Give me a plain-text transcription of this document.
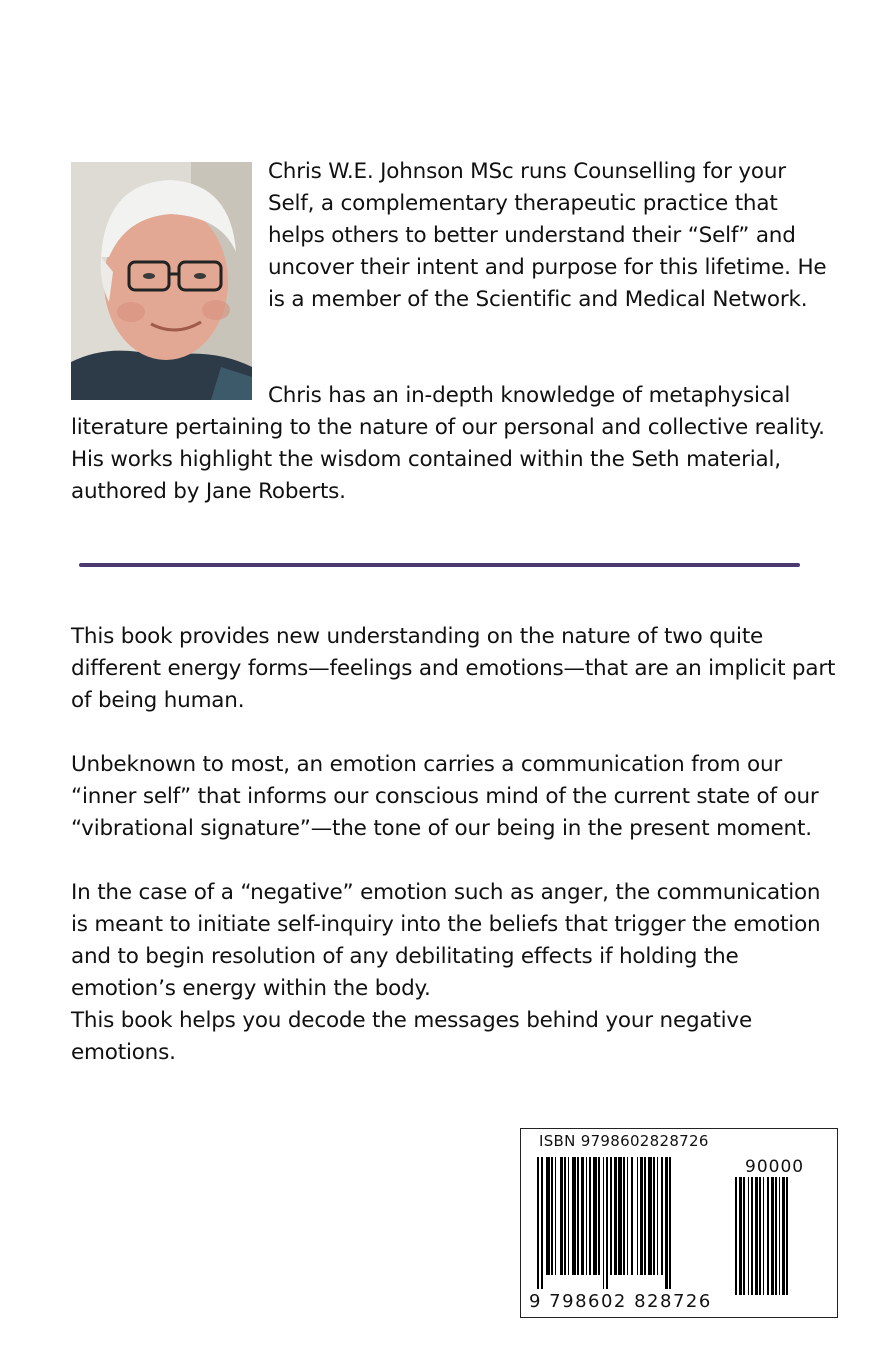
Chris W.E. Johnson MSc runs Counselling for your Self, a complementary therapeutic practice that helps others to better understand their “Self” and uncover their intent and purpose for this lifetime. He is a member of the Scientific and Medical Network.
Chris has an in-depth knowledge of metaphysical literature pertaining to the nature of our personal and collective reality. His works highlight the wisdom contained within the Seth material, authored by Jane Roberts.

This book provides new understanding on the nature of two quite different energy forms—feelings and emotions—that are an implicit part of being human.

Unbeknown to most, an emotion carries a communication from our “inner self” that informs our conscious mind of the current state of our “vibrational signature”—the tone of our being in the present moment.

In the case of a “negative” emotion such as anger, the communication is meant to initiate self-inquiry into the beliefs that trigger the emotion and to begin resolution of any debilitating effects if holding the emotion’s energy within the body.

This book helps you decode the messages behind your negative emotions.

ISBN 9798602828726
90000
9 798602 828726
